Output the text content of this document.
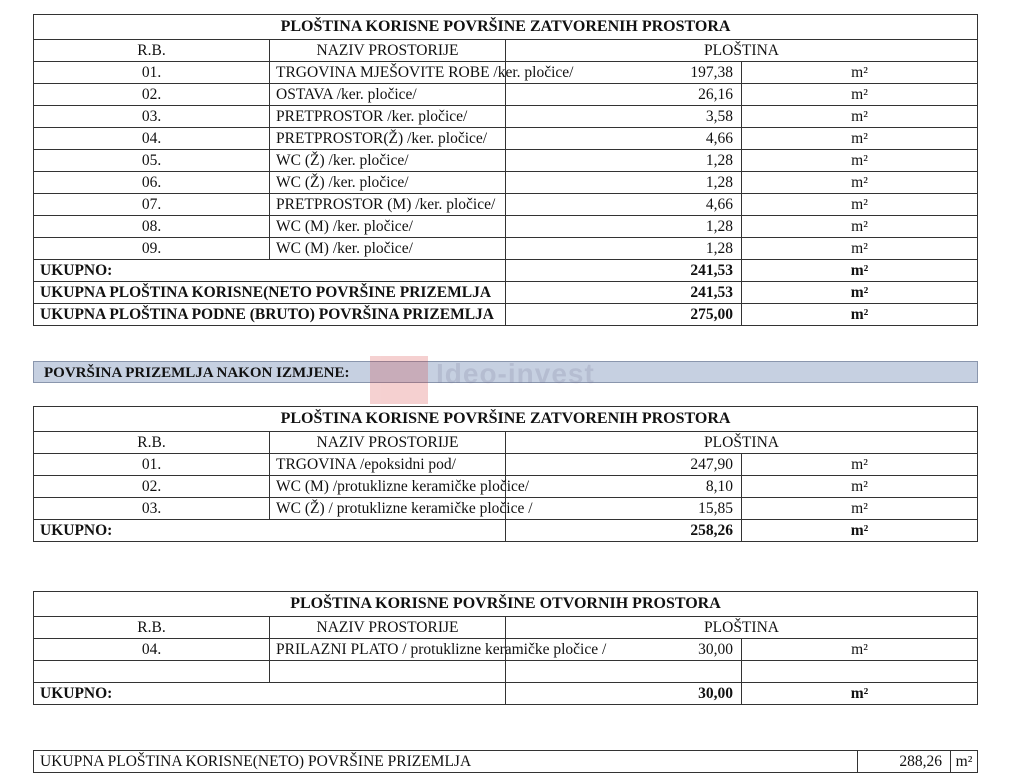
PLOŠTINA KORISNE POVRŠINE ZATVORENIH PROSTORA			
R.B.	NAZIV PROSTORIJE	PLOŠTINA	
01.	TRGOVINA MJEŠOVITE ROBE /ker. pločice/	197,38	m²
02.	OSTAVA /ker. pločice/	26,16	m²
03.	PRETPROSTOR /ker. pločice/	3,58	m²
04.	PRETPROSTOR(Ž) /ker. pločice/	4,66	m²
05.	WC (Ž) /ker. pločice/	1,28	m²
06.	WC (Ž) /ker. pločice/	1,28	m²
07.	PRETPROSTOR (M) /ker. pločice/	4,66	m²
08.	WC (M) /ker. pločice/	1,28	m²
09.	WC (M) /ker. pločice/	1,28	m²
UKUPNO:		241,53	m²
UKUPNA PLOŠTINA KORISNE(NETO POVRŠINE PRIZEMLJA		241,53	m²
UKUPNA PLOŠTINA PODNE (BRUTO) POVRŠINA PRIZEMLJA		275,00	m²
POVRŠINA PRIZEMLJA NAKON IZMJENE:	Ideo-invest
PLOŠTINA KORISNE POVRŠINE ZATVORENIH PROSTORA			
R.B.	NAZIV PROSTORIJE	PLOŠTINA	
01.	TRGOVINA /epoksidni pod/	247,90	m²
02.	WC (M) /protuklizne keramičke pločice/	8,10	m²
03.	WC (Ž) / protuklizne keramičke pločice /	15,85	m²
UKUPNO:		258,26	m²
PLOŠTINA KORISNE POVRŠINE OTVORNIH PROSTORA			
R.B.	NAZIV PROSTORIJE	PLOŠTINA	
04.	PRILAZNI PLATO / protuklizne keramičke pločice /	30,00	m²

UKUPNO:		30,00	m²
UKUPNA PLOŠTINA KORISNE(NETO) POVRŠINE PRIZEMLJA	288,26	m²
